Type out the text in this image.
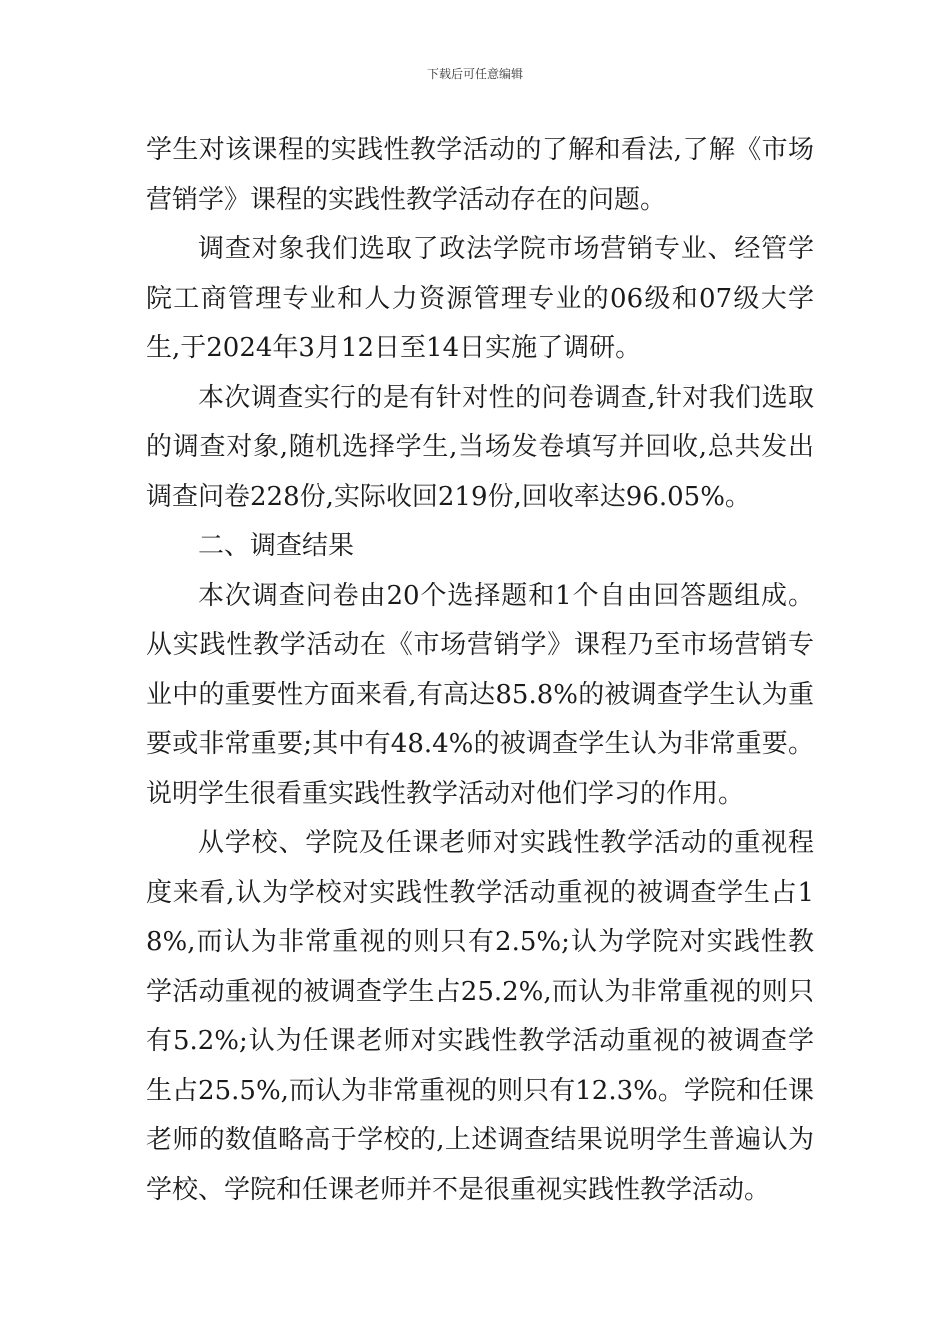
下载后可任意编辑

学生对该课程的实践性教学活动的了解和看法,了解《市场营销学》课程的实践性教学活动存在的问题。

调查对象我们选取了政法学院市场营销专业、经管学院工商管理专业和人力资源管理专业的06级和07级大学生,于2024年3月12日至14日实施了调研。

本次调查实行的是有针对性的问卷调查,针对我们选取的调查对象,随机选择学生,当场发卷填写并回收,总共发出调查问卷228份,实际收回219份,回收率达96.05%。

二、调查结果

本次调查问卷由20个选择题和1个自由回答题组成。从实践性教学活动在《市场营销学》课程乃至市场营销专业中的重要性方面来看,有高达85.8%的被调查学生认为重要或非常重要;其中有48.4%的被调查学生认为非常重要。说明学生很看重实践性教学活动对他们学习的作用。

从学校、学院及任课老师对实践性教学活动的重视程度来看,认为学校对实践性教学活动重视的被调查学生占18%,而认为非常重视的则只有2.5%;认为学院对实践性教学活动重视的被调查学生占25.2%,而认为非常重视的则只有5.2%;认为任课老师对实践性教学活动重视的被调查学生占25.5%,而认为非常重视的则只有12.3%。学院和任课老师的数值略高于学校的,上述调查结果说明学生普遍认为学校、学院和任课老师并不是很重视实践性教学活动。
